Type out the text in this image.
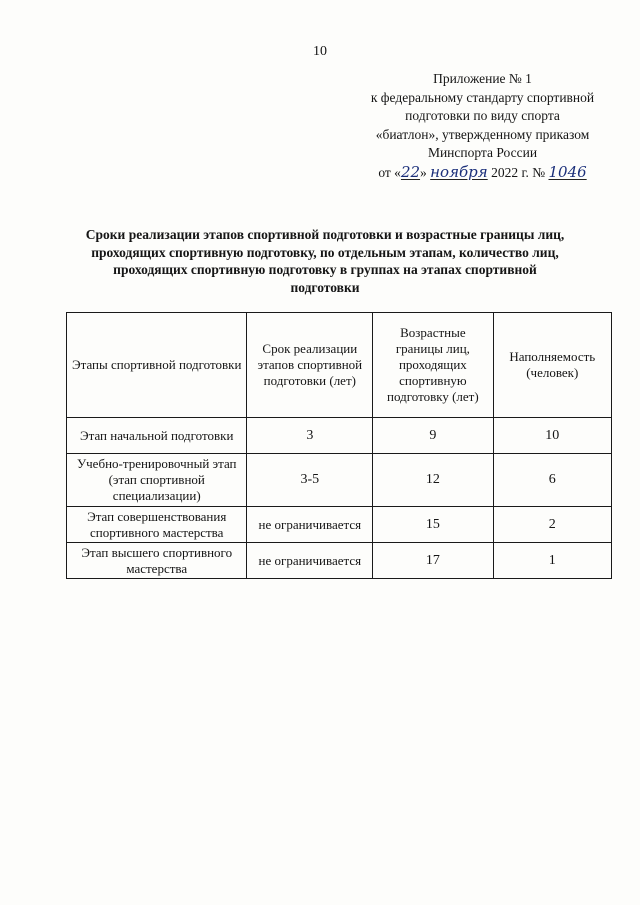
10
Приложение № 1
к федеральному стандарту спортивной
подготовки по виду спорта
«биатлон», утвержденному приказом
Минспорта России
от «22» ноября 2022 г. № 1046
Сроки реализации этапов спортивной подготовки и возрастные границы лиц,
проходящих спортивную подготовку, по отдельным этапам, количество лиц,
проходящих спортивную подготовку в группах на этапах спортивной
подготовки
Этапы спортивной подготовки	Срок реализации этапов спортивной подготовки (лет)	Возрастные границы лиц, проходящих спортивную подготовку (лет)	Наполняемость (человек)
Этап начальной подготовки	3	9	10
Учебно-тренировочный этап (этап спортивной специализации)	3-5	12	6
Этап совершенствования спортивного мастерства	не ограничивается	15	2
Этап высшего спортивного мастерства	не ограничивается	17	1
